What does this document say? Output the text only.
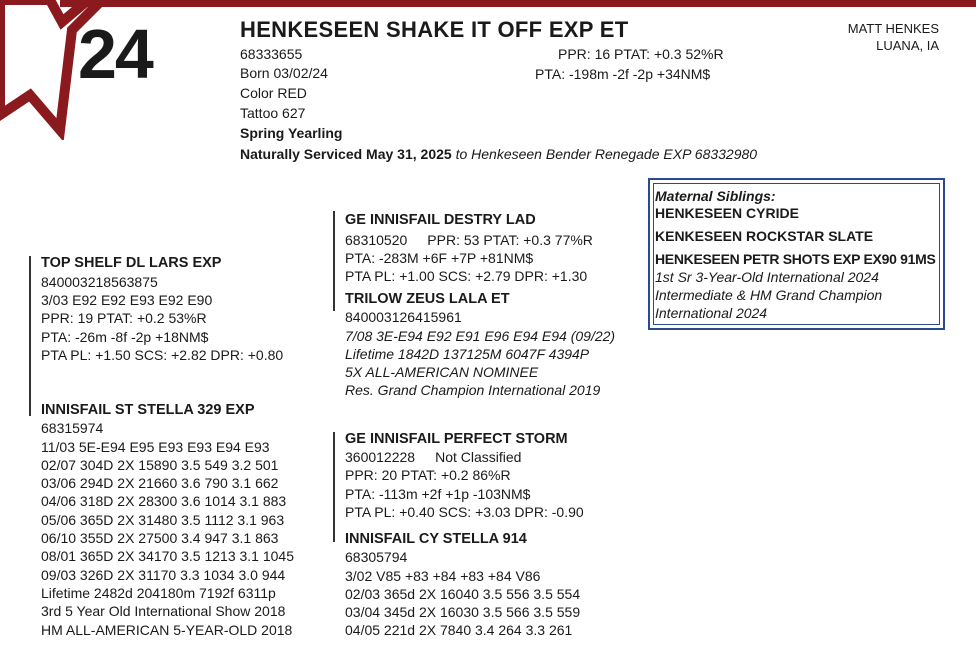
24	HENKESEEN SHAKE IT OFF EXP ET	MATT HENKES
LUANA, IA
68333655
Born 03/02/24
Color RED
Tattoo 627
Spring Yearling
Naturally Serviced May 31, 2025 to Henkeseen Bender Renegade EXP 68332980
PPR: 16 PTAT: +0.3 52%R
PTA: -198m -2f -2p +34NM$
TOP SHELF DL LARS EXP
840003218563875
3/03 E92 E92 E93 E92 E90
PPR: 19 PTAT: +0.2 53%R
PTA: -26m -8f -2p +18NM$
PTA PL: +1.50 SCS: +2.82 DPR: +0.80
INNISFAIL ST STELLA 329 EXP
68315974
11/03 5E-E94 E95 E93 E93 E94 E93
02/07 304D 2X 15890 3.5 549 3.2 501
03/06 294D 2X 21660 3.6 790 3.1 662
04/06 318D 2X 28300 3.6 1014 3.1 883
05/06 365D 2X 31480 3.5 1112 3.1 963
06/10 355D 2X 27500 3.4 947 3.1 863
08/01 365D 2X 34170 3.5 1213 3.1 1045
09/03 326D 2X 31170 3.3 1034 3.0 944
Lifetime 2482d 204180m 7192f 6311p
3rd 5 Year Old International Show 2018
HM ALL-AMERICAN 5-YEAR-OLD 2018
GE INNISFAIL DESTRY LAD
68310520 PPR: 53 PTAT: +0.3 77%R
PTA: -283M +6F +7P +81NM$
PTA PL: +1.00 SCS: +2.79 DPR: +1.30
TRILOW ZEUS LALA ET
840003126415961
7/08 3E-E94 E92 E91 E96 E94 E94 (09/22)
Lifetime 1842D 137125M 6047F 4394P
5X ALL-AMERICAN NOMINEE
Res. Grand Champion International 2019
GE INNISFAIL PERFECT STORM
360012228 Not Classified
PPR: 20 PTAT: +0.2 86%R
PTA: -113m +2f +1p -103NM$
PTA PL: +0.40 SCS: +3.03 DPR: -0.90
INNISFAIL CY STELLA 914
68305794
3/02 V85 +83 +84 +83 +84 V86
02/03 365d 2X 16040 3.5 556 3.5 554
03/04 345d 2X 16030 3.5 566 3.5 559
04/05 221d 2X 7840 3.4 264 3.3 261
Maternal Siblings:
HENKESEEN CYRIDE
KENKESEEN ROCKSTAR SLATE
HENKESEEN PETR SHOTS EXP EX90 91MS
1st Sr 3-Year-Old International 2024
Intermediate & HM Grand Champion
International 2024
